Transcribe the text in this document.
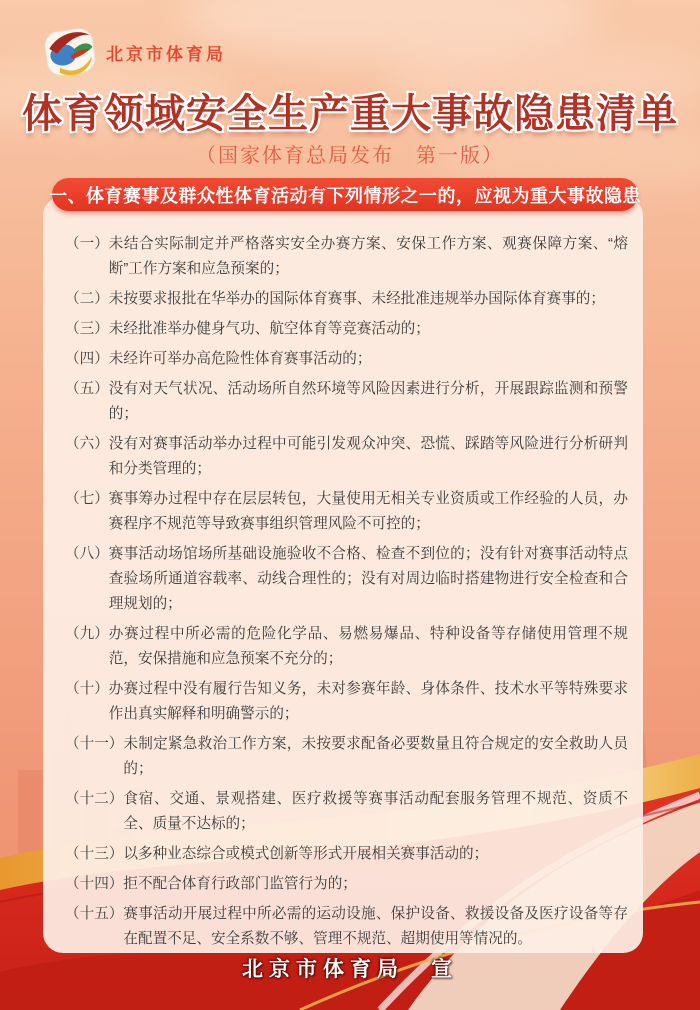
北京市体育局
体育领域安全生产重大事故隐患清单
（国家体育总局发布　第一版）
一、体育赛事及群众性体育活动有下列情形之一的，应视为重大事故隐患
（一） 未结合实际制定并严格落实安全办赛方案、安保工作方案、观赛保障方案、“熔断”工作方案和应急预案的；
（二） 未按要求报批在华举办的国际体育赛事、未经批准违规举办国际体育赛事的；
（三） 未经批准举办健身气功、航空体育等竞赛活动的；
（四） 未经许可举办高危险性体育赛事活动的；
（五） 没有对天气状况、活动场所自然环境等风险因素进行分析，开展跟踪监测和预警的；
（六） 没有对赛事活动举办过程中可能引发观众冲突、恐慌、踩踏等风险进行分析研判和分类管理的；
（七） 赛事筹办过程中存在层层转包，大量使用无相关专业资质或工作经验的人员，办赛程序不规范等导致赛事组织管理风险不可控的；
（八） 赛事活动场馆场所基础设施验收不合格、检查不到位的；没有针对赛事活动特点查验场所通道容载率、动线合理性的；没有对周边临时搭建物进行安全检查和合理规划的；
（九） 办赛过程中所必需的危险化学品、易燃易爆品、特种设备等存储使用管理不规范，安保措施和应急预案不充分的；
（十） 办赛过程中没有履行告知义务，未对参赛年龄、身体条件、技术水平等特殊要求作出真实解释和明确警示的；
（十一） 未制定紧急救治工作方案，未按要求配备必要数量且符合规定的安全救助人员的；
（十二） 食宿、交通、景观搭建、医疗救援等赛事活动配套服务管理不规范、资质不全、质量不达标的；
（十三） 以多种业态综合或模式创新等形式开展相关赛事活动的；
（十四） 拒不配合体育行政部门监管行为的；
（十五） 赛事活动开展过程中所必需的运动设施、保护设备、救援设备及医疗设备等存在配置不足、安全系数不够、管理不规范、超期使用等情况的。
北京市体育局　宣
